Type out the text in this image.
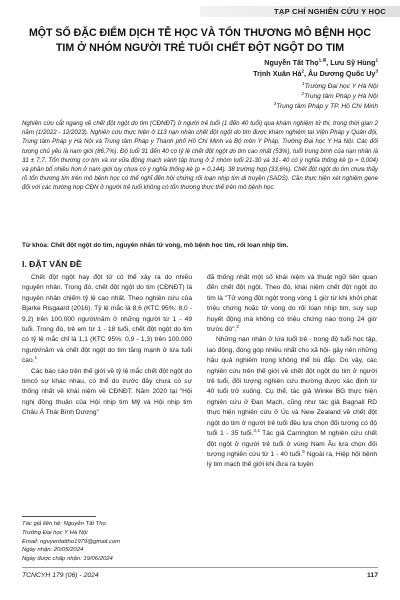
TẠP CHÍ NGHIÊN CỨU Y HỌC
MỘT SỐ ĐẶC ĐIỂM DỊCH TỄ HỌC VÀ TỔN THƯƠNG MÔ BỆNH HỌC TIM Ở NHÓM NGƯỜI TRẺ TUỔI CHẾT ĐỘT NGỘT DO TIM
Nguyễn Tất Thọ$^{1,⊠}$, Lưu Sỹ Hùng$^1$
Trịnh Xuân $Hà^2$, Âu Dương Quốc Uy$^3$
$^1$Trường Đại học Y Hà Nội
$^2$Trung tâm Pháp y Hà Nội
$^3$Trung tâm Pháp y TP. Hồ Chí Minh
Nghiên cứu cắt ngang về chết đột ngột do tim (CĐNĐT) ở người trẻ tuổi (1 đến 40 tuổi) qua khám nghiệm tử thi, trong thời gian 2 năm (1/2022 - 12/2023). Nghiên cứu thực hiện ở 113 nạn nhân chết đột ngột do tim được khám nghiệm tại Viện Pháp y Quân đội, Trung tâm Pháp y Hà Nội và Trung tâm Pháp y Thành phố Hồ Chí Minh và Bộ môn Y Pháp, Trường Đại học Y Hà Nội. Các đối tượng chủ yếu là nam giới (86,7%). Độ tuổi 31 đến 40 có tỷ lệ chết đột ngột do tim cao nhất (53%), tuổi trung bình của nạn nhân là 31 ± 7,7. Tổn thương cơ tim và xơ vữa động mạch vành tập trung ở 2 nhóm tuổi 21-30 và 31- 40 có ý nghĩa thống kê (p = 0,004) và phần bổ nhiều hơn ở nam giới tuy chưa có ý nghĩa thống kê (p = 0,144). 38 trường hợp (33,6%). Chết đột ngột do tim chưa thấy rõ tổn thương tim trên mô bệnh học có thể nghĩ đến hội chứng rối loạn nhịp tim di truyền (SADS). Cần thực hiện xét nghiệm gene đối với các trường hợp CĐN ở người trẻ tuổi không có tổn thương thực thể trên mô bệnh học.
Từ khóa: Chết đột ngột do tim, nguyên nhân tử vong, mô bệnh học tim, rối loạn nhịp tim.
I. ĐẶT VẤN ĐỀ

Chết đột ngột hay đột tử có thể xảy ra do nhiều nguyên nhân. Trong đó, chết đột ngột do tim (CĐNĐT) là nguyên nhân chiếm tỷ lệ cao nhất. Theo nghiên cứu của Bjarke Risgaard (2016). Tỷ lệ mắc là 8,6 (KTC 95%: 8,0 - 9,2) trên 100.000 người/năm ở những người từ 1 - 49 tuổi. Trong đó, trẻ em từ 1 - 18 tuổi, chết đột ngột do tim có tỷ lệ mắc chỉ là 1,1 (KTC 95%: 0,9 - 1,3) trên 100.000 người/năm và chết đột ngột do tim tăng mạnh ở lứa tuổi cao.$^1$

Các báo cáo trên thế giới về tỷ lệ mắc chết đột ngột do timcó sự khác nhau, có thể do trước đây chưa có sự thống nhất về khái niệm về CĐNĐT. Năm 2020 tại "Hội nghị đồng thuận của Hội nhịp tim Mỹ và Hội nhịp tim Châu Á Thái Bình Dương"

đã thống nhất một số khái niệm và thuật ngữ liên quan đến chết đột ngột. Theo đó, khái niệm chết đột ngột do tim là "Tử vong đột ngột trong vòng 1 giờ từ khi khởi phát triệu chứng hoặc tử vong do rối loạn nhịp tim, suy sụp huyết động mà không có triệu chứng nào trong 24 giờ trước đó".$^2$

Những nạn nhân ở lứa tuổi trẻ - trong độ tuổi học tập, lao động, đóng góp nhiều nhất cho xã hội- gây nên những hậu quả nghiêm trọng không thể bù đắp. Do vậy, các nghiên cứu trên thế giới về chết đột ngột do tim ở người trẻ tuổi, đối tượng nghiên cứu thường được xác định từ 40 tuổi trở xuống. Cụ thể, tác giả Winke BG thực hiện nghiên cứu ở Đan Mạch, cũng như tác giả Bagnall RD thực hiện nghiên cứu ở Úc và New Zealand về chết đột ngột do tim ở người trẻ tuổi đều lựa chọn đối tượng có độ tuổi 1 - 35 tuổi.$^{3,4}$ Tác giả Carrington M nghiên cứu chết đột ngột ở người trẻ tuổi ở vùng Nam Âu lựa chọn đối tượng nghiên cứu từ 1 - 40 tuổi.$^5$ Ngoài ra, Hiệp hội bệnh lý tim mạch thế giới khi đưa ra tuyên

Tác giả liên hệ: Nguyễn Tất Thọ
Trường Đại học Y Hà Nội
Email: nguyentattho1979@gmail.com
Ngày nhận: 20/05/2024
Ngày được chấp nhận: 19/06/2024
TCNCYH 179 (06) - 2024	117
